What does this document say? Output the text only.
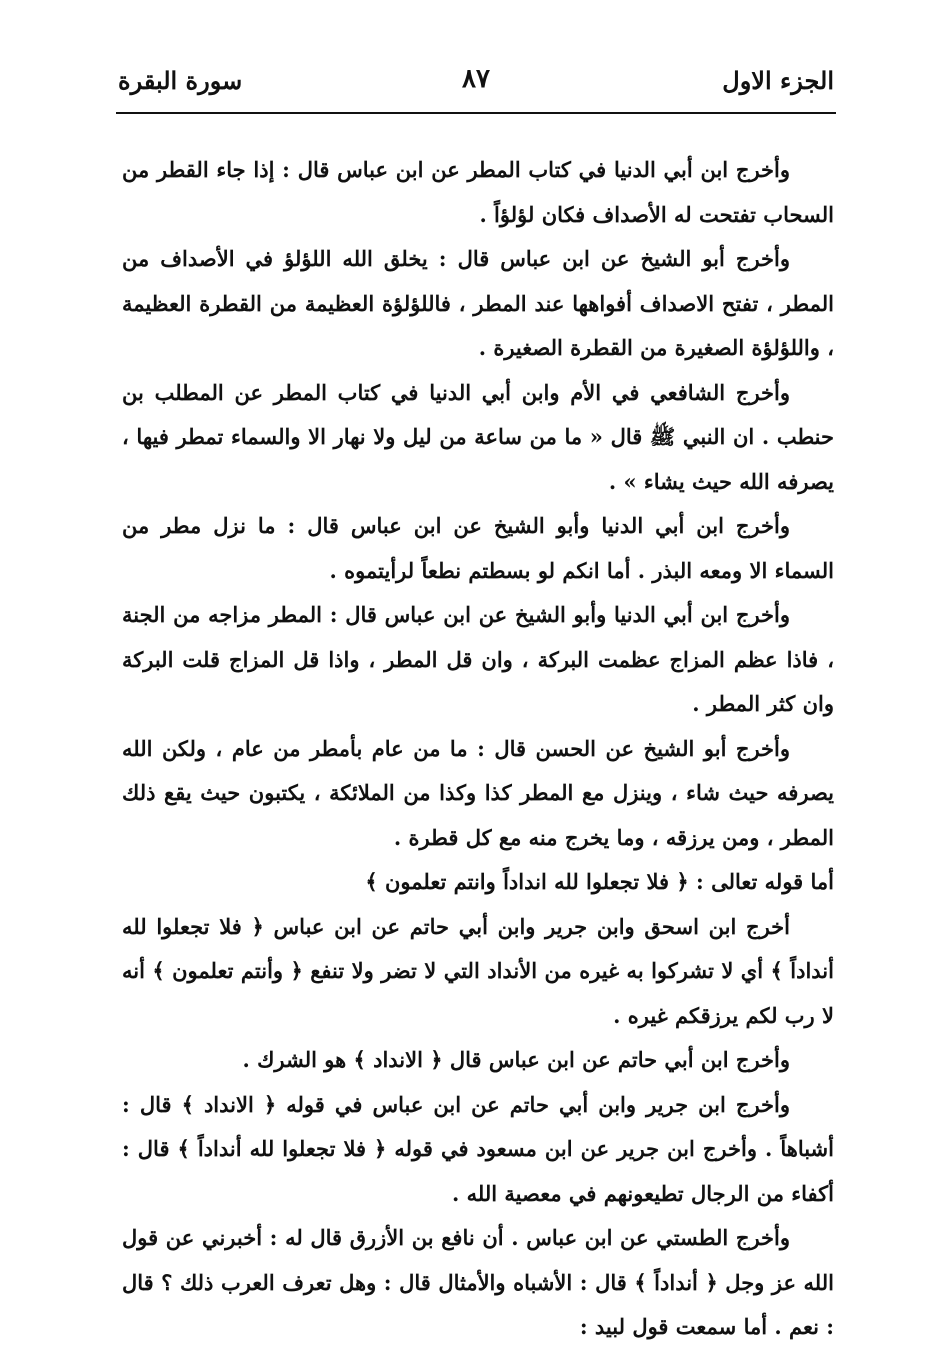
الجزء الاول
٨٧
سورة البقرة

وأخرج ابن أبي الدنيا في كتاب المطر عن ابن عباس قال : إذا جاء القطر من السحاب تفتحت له الأصداف فكان لؤلؤاً .

وأخرج أبو الشيخ عن ابن عباس قال : يخلق الله اللؤلؤ في الأصداف من المطر ، تفتح الاصداف أفواهها عند المطر ، فاللؤلؤة العظيمة من القطرة العظيمة ، واللؤلؤة الصغيرة من القطرة الصغيرة .

وأخرج الشافعي في الأم وابن أبي الدنيا في كتاب المطر عن المطلب بن حنطب . ان النبي ﷺ قال « ما من ساعة من ليل ولا نهار الا والسماء تمطر فيها ، يصرفه الله حيث يشاء » .

وأخرج ابن أبي الدنيا وأبو الشيخ عن ابن عباس قال : ما نزل مطر من السماء الا ومعه البذر . أما انكم لو بسطتم نطعاً لرأيتموه .

وأخرج ابن أبي الدنيا وأبو الشيخ عن ابن عباس قال : المطر مزاجه من الجنة ، فاذا عظم المزاج عظمت البركة ، وان قل المطر ، واذا قل المزاج قلت البركة وان كثر المطر .

وأخرج أبو الشيخ عن الحسن قال : ما من عام بأمطر من عام ، ولكن الله يصرفه حيث شاء ، وينزل مع المطر كذا وكذا من الملائكة ، يكتبون حيث يقع ذلك المطر ، ومن يرزقه ، وما يخرج منه مع كل قطرة .

أما قوله تعالى : ﴿ فلا تجعلوا لله انداداً وانتم تعلمون ﴾

أخرج ابن اسحق وابن جرير وابن أبي حاتم عن ابن عباس ﴿ فلا تجعلوا لله أنداداً ﴾ أي لا تشركوا به غيره من الأنداد التي لا تضر ولا تنفع ﴿ وأنتم تعلمون ﴾ أنه لا رب لكم يرزقكم غيره .

وأخرج ابن أبي حاتم عن ابن عباس قال ﴿ الانداد ﴾ هو الشرك .

وأخرج ابن جرير وابن أبي حاتم عن ابن عباس في قوله ﴿ الانداد ﴾ قال : أشباهاً . وأخرج ابن جرير عن ابن مسعود في قوله ﴿ فلا تجعلوا لله أنداداً ﴾ قال : أكفاء من الرجال تطيعونهم في معصية الله .

وأخرج الطستي عن ابن عباس . أن نافع بن الأزرق قال له : أخبرني عن قول الله عز وجل ﴿ أنداداً ﴾ قال : الأشباه والأمثال قال : وهل تعرف العرب ذلك ؟ قال : نعم . أما سمعت قول لبيد :
